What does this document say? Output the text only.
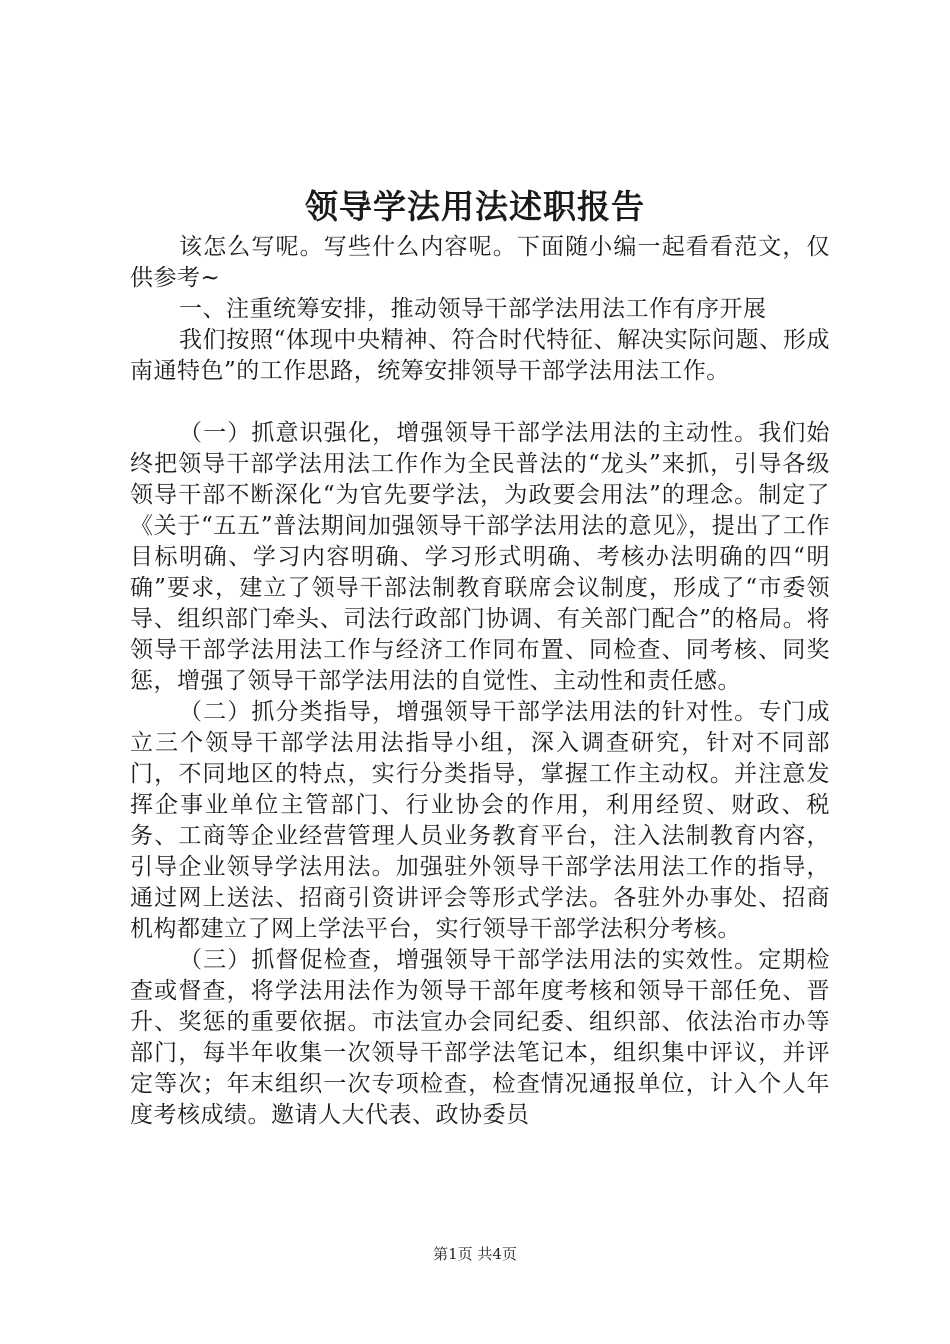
领导学法用法述职报告

该怎么写呢。写些什么内容呢。下面随小编一起看看范文，仅供参考~

一、注重统筹安排，推动领导干部学法用法工作有序开展

我们按照“体现中央精神、符合时代特征、解决实际问题、形成南通特色”的工作思路，统筹安排领导干部学法用法工作。

（一）抓意识强化，增强领导干部学法用法的主动性。我们始终把领导干部学法用法工作作为全民普法的“龙头”来抓，引导各级领导干部不断深化“为官先要学法，为政要会用法”的理念。制定了《关于“五五”普法期间加强领导干部学法用法的意见》，提出了工作目标明确、学习内容明确、学习形式明确、考核办法明确的四“明确”要求，建立了领导干部法制教育联席会议制度，形成了“市委领导、组织部门牵头、司法行政部门协调、有关部门配合”的格局。将领导干部学法用法工作与经济工作同布置、同检查、同考核、同奖惩，增强了领导干部学法用法的自觉性、主动性和责任感。

（二）抓分类指导，增强领导干部学法用法的针对性。专门成立三个领导干部学法用法指导小组，深入调查研究，针对不同部门，不同地区的特点，实行分类指导，掌握工作主动权。并注意发挥企事业单位主管部门、行业协会的作用，利用经贸、财政、税务、工商等企业经营管理人员业务教育平台，注入法制教育内容，引导企业领导学法用法。加强驻外领导干部学法用法工作的指导，通过网上送法、招商引资讲评会等形式学法。各驻外办事处、招商机构都建立了网上学法平台，实行领导干部学法积分考核。

（三）抓督促检查，增强领导干部学法用法的实效性。定期检查或督查，将学法用法作为领导干部年度考核和领导干部任免、晋升、奖惩的重要依据。市法宣办会同纪委、组织部、依法治市办等部门，每半年收集一次领导干部学法笔记本，组织集中评议，并评定等次；年末组织一次专项检查，检查情况通报单位，计入个人年度考核成绩。邀请人大代表、政协委员

第1页 共4页
